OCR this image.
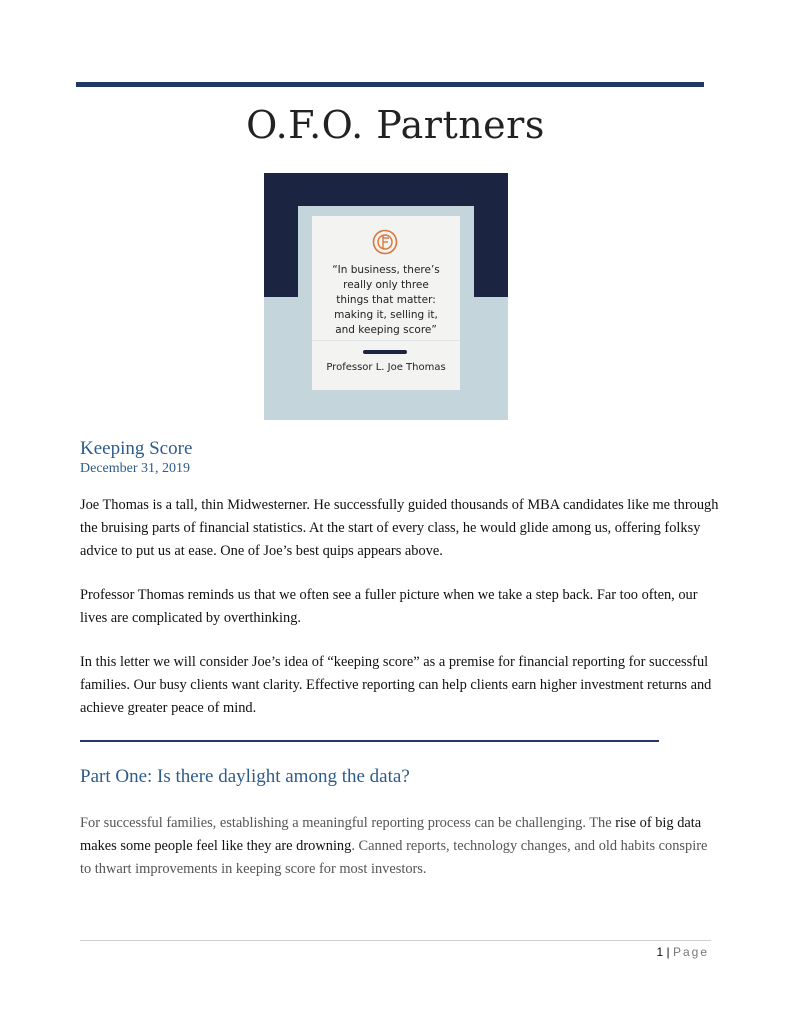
O.F.O. Partners
“In business, there’s
really only three
things that matter:
making it, selling it,
and keeping score”
Professor L. Joe Thomas
Keeping Score
December 31, 2019
Joe Thomas is a tall, thin Midwesterner. He successfully guided thousands of MBA candidates like me through the bruising parts of financial statistics. At the start of every class, he would glide among us, offering folksy advice to put us at ease. One of Joe’s best quips appears above.
Professor Thomas reminds us that we often see a fuller picture when we take a step back. Far too often, our lives are complicated by overthinking.
In this letter we will consider Joe’s idea of “keeping score” as a premise for financial reporting for successful families. Our busy clients want clarity. Effective reporting can help clients earn higher investment returns and achieve greater peace of mind.
Part One: Is there daylight among the data?
For successful families, establishing a meaningful reporting process can be challenging. The rise of big data makes some people feel like they are drowning. Canned reports, technology changes, and old habits conspire to thwart improvements in keeping score for most investors.
1 | Page
